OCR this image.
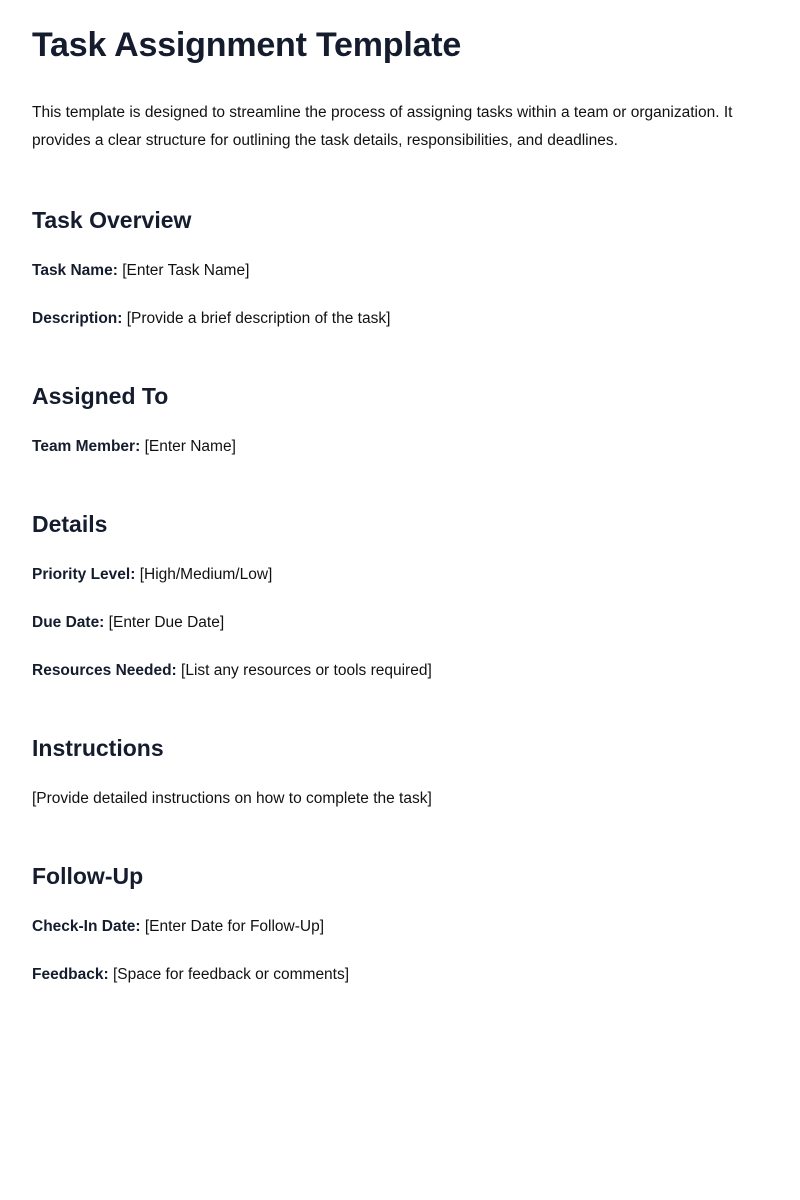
Task Assignment Template

This template is designed to streamline the process of assigning tasks within a team or organization. It provides a clear structure for outlining the task details, responsibilities, and deadlines.

Task Overview

Task Name: [Enter Task Name]

Description: [Provide a brief description of the task]

Assigned To

Team Member: [Enter Name]

Details

Priority Level: [High/Medium/Low]

Due Date: [Enter Due Date]

Resources Needed: [List any resources or tools required]

Instructions

[Provide detailed instructions on how to complete the task]

Follow-Up

Check-In Date: [Enter Date for Follow-Up]

Feedback: [Space for feedback or comments]
